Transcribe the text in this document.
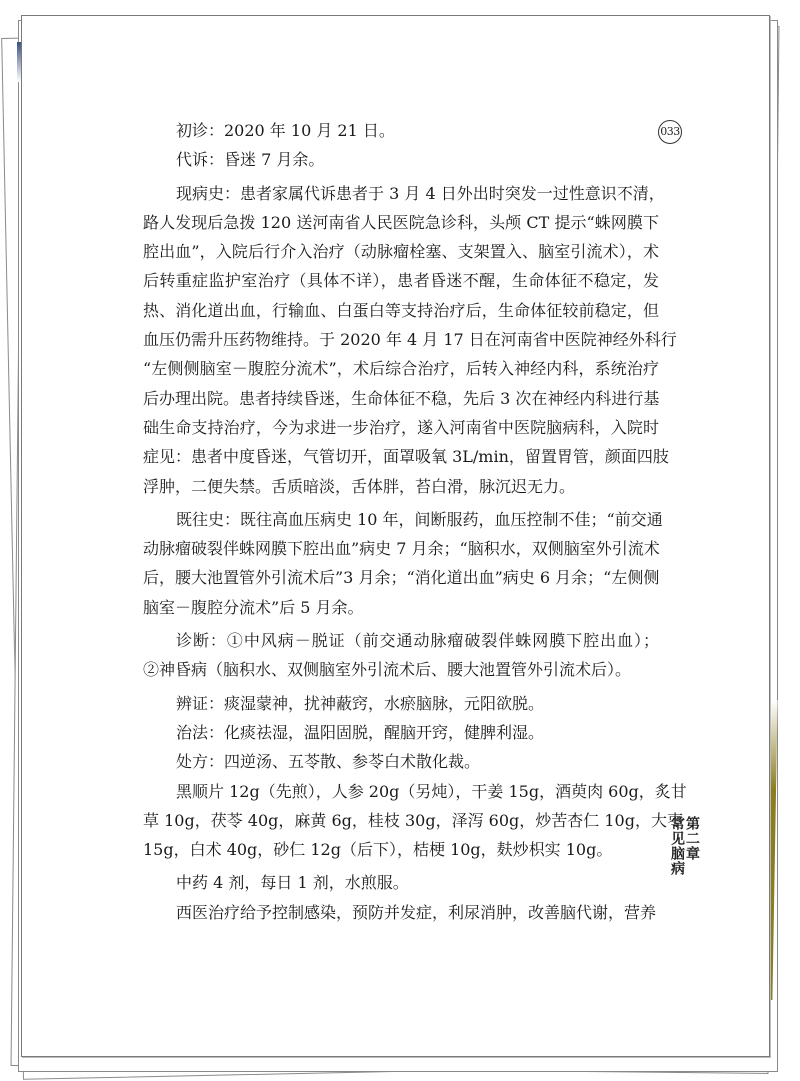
033
初诊：2020 年 10 月 21 日。
代诉：昏迷 7 月余。
现病史：患者家属代诉患者于 3 月 4 日外出时突发一过性意识不清，
路人发现后急拨 120 送河南省人民医院急诊科，头颅 CT 提示“蛛网膜下
腔出血”，入院后行介入治疗（动脉瘤栓塞、支架置入、脑室引流术），术
后转重症监护室治疗（具体不详），患者昏迷不醒，生命体征不稳定，发
热、消化道出血，行输血、白蛋白等支持治疗后，生命体征较前稳定，但
血压仍需升压药物维持。于 2020 年 4 月 17 日在河南省中医院神经外科行
“左侧侧脑室－腹腔分流术”，术后综合治疗，后转入神经内科，系统治疗
后办理出院。患者持续昏迷，生命体征不稳，先后 3 次在神经内科进行基
础生命支持治疗，今为求进一步治疗，遂入河南省中医院脑病科，入院时
症见：患者中度昏迷，气管切开，面罩吸氧 3L/min，留置胃管，颜面四肢
浮肿，二便失禁。舌质暗淡，舌体胖，苔白滑，脉沉迟无力。
既往史：既往高血压病史 10 年，间断服药，血压控制不佳；“前交通
动脉瘤破裂伴蛛网膜下腔出血”病史 7 月余；“脑积水，双侧脑室外引流术
后，腰大池置管外引流术后”3 月余；“消化道出血”病史 6 月余；“左侧侧
脑室－腹腔分流术”后 5 月余。
诊断：①中风病－脱证（前交通动脉瘤破裂伴蛛网膜下腔出血）；
②神昏病（脑积水、双侧脑室外引流术后、腰大池置管外引流术后）。
辨证：痰湿蒙神，扰神蔽窍，水瘀脑脉，元阳欲脱。
治法：化痰祛湿，温阳固脱，醒脑开窍，健脾利湿。
处方：四逆汤、五苓散、参苓白术散化裁。
黑顺片 12g（先煎），人参 20g（另炖），干姜 15g，酒萸肉 60g，炙甘
草 10g，茯苓 40g，麻黄 6g，桂枝 30g，泽泻 60g，炒苦杏仁 10g，大枣
15g，白术 40g，砂仁 12g（后下），桔梗 10g，麸炒枳实 10g。
中药 4 剂，每日 1 剂，水煎服。
西医治疗给予控制感染，预防并发症，利尿消肿，改善脑代谢，营养
第二章
常见脑病
